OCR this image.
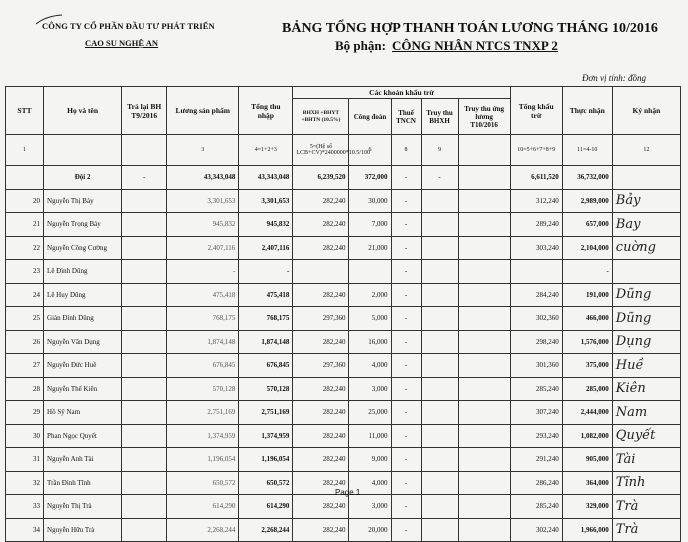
CÔNG TY CỔ PHẦN ĐẦU TƯ PHÁT TRIỂN
CAO SU NGHỆ AN
BẢNG TỔNG HỢP THANH TOÁN LƯƠNG THÁNG 10/2016
Bộ phận: CÔNG NHÂN NTCS TNXP 2
Đơn vị tính: đồng
STT	Họ và tên	Trả lại BH T9/2016	Lương sản phẩm	Tổng thu nhập	Các khoản khấu trừ					Tổng khấu trừ	Thực nhận	Ký nhận
					BHXH +BHYT +BHTN (10.5%)	Công đoàn	Thuế TNCN	Truy thu BHXH	Truy thu ứng lương T10/2016			
1			3	4=1+2+3	5=(Hệ số LCB+CV)*2400000*10.5/100	6	8	9		10=5+6+7+8+9	11=4-10	12
	Đội 2	-	43,343,048	43,343,048	6,239,520	372,000	-	-		6,611,520	36,732,000	
20	Nguyễn Thị Bảy		3,301,653	3,301,653	282,240	30,000	-			312,240	2,989,000	Bảy
21	Nguyễn Trọng Bảy		945,832	945,832	282,240	7,000	-			289,240	657,000	Bay
22	Nguyễn Công Cường		2,407,116	2,407,116	282,240	21,000	-			303,240	2,104,000	cuờng
23	Lê Đình Dũng		-	-			-				-	
24	Lê Huy Dũng		475,418	475,418	282,240	2,000	-			284,240	191,000	Dũng
25	Giản Đình Dũng		768,175	768,175	297,360	5,000	-			302,360	466,000	Dũng
26	Nguyễn Văn Dụng		1,874,148	1,874,148	282,240	16,000	-			298,240	1,576,000	Dụng
27	Nguyễn Đức Huề		676,845	676,845	297,360	4,000	-			301,360	375,000	Huề
28	Nguyễn Thế Kiên		570,128	570,128	282,240	3,000	-			285,240	285,000	Kiên
29	Hồ Sỹ Nam		2,751,169	2,751,169	282,240	25,000	-			307,240	2,444,000	Nam
30	Phan Ngọc Quyết		1,374,959	1,374,959	282,240	11,000	-			293,240	1,082,000	Quyết
31	Nguyễn Anh Tài		1,196,054	1,196,054	282,240	9,000	-			291,240	905,000	Tài
32	Trần Đình Tĩnh		650,572	650,572	282,240	4,000	-			286,240	364,000	Tĩnh
33	Nguyễn Thị Trà		614,290	614,290	282,240	3,000	-			285,240	329,000	Trà
34	Nguyễn Hữu Trà		2,268,244	2,268,244	282,240	20,000	-			302,240	1,966,000	Trà
Page 1
